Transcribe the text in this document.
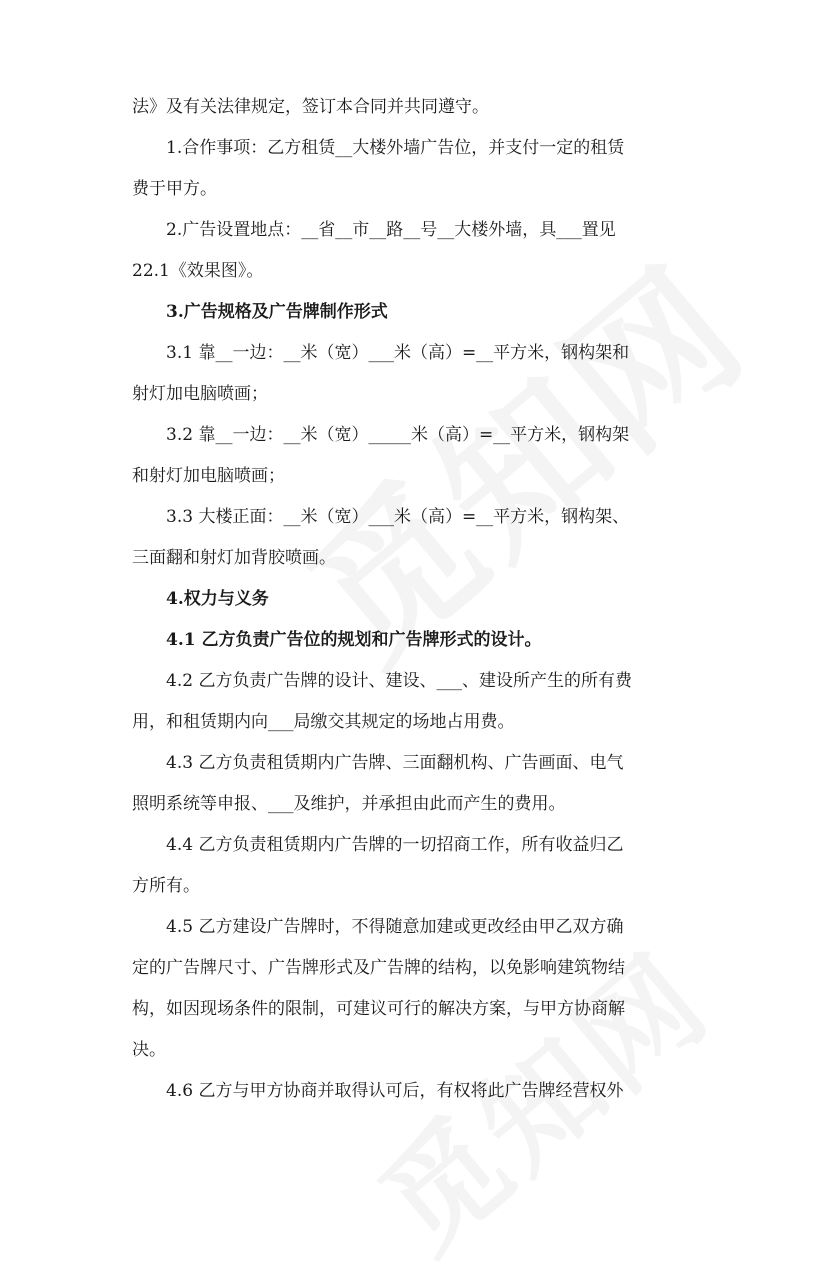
法》及有关法律规定，签订本合同并共同遵守。

1.合作事项：乙方租赁__大楼外墙广告位，并支付一定的租赁

费于甲方。

2.广告设置地点：__省__市__路__号__大楼外墙，具___置见

22.1《效果图》。

3.广告规格及广告牌制作形式

3.1 靠__一边：__米（宽）___米（高）=__平方米，钢构架和

射灯加电脑喷画；

3.2 靠__一边：__米（宽）_____米（高）=__平方米，钢构架

和射灯加电脑喷画；

3.3 大楼正面：__米（宽）___米（高）=__平方米，钢构架、

三面翻和射灯加背胶喷画。

4.权力与义务

4.1 乙方负责广告位的规划和广告牌形式的设计。

4.2 乙方负责广告牌的设计、建设、___、建设所产生的所有费

用，和租赁期内向___局缴交其规定的场地占用费。

4.3 乙方负责租赁期内广告牌、三面翻机构、广告画面、电气

照明系统等申报、___及维护，并承担由此而产生的费用。

4.4 乙方负责租赁期内广告牌的一切招商工作，所有收益归乙

方所有。

4.5 乙方建设广告牌时，不得随意加建或更改经由甲乙双方确

定的广告牌尺寸、广告牌形式及广告牌的结构，以免影响建筑物结

构，如因现场条件的限制，可建议可行的解决方案，与甲方协商解

决。

4.6 乙方与甲方协商并取得认可后，有权将此广告牌经营权外
